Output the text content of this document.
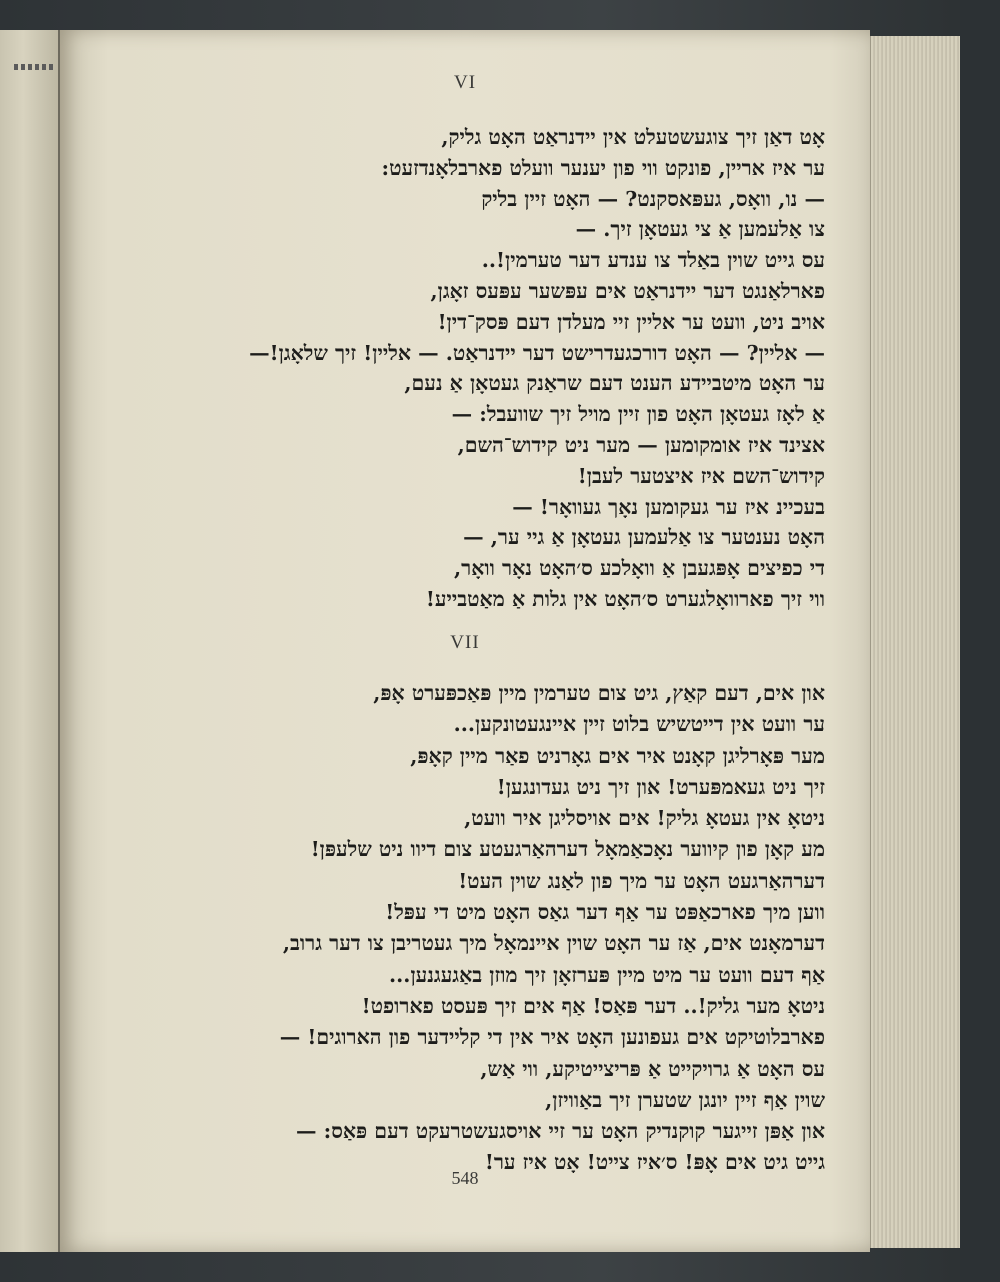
VI
אָט דאַן זיך צוגעשטעלט אין יידנראַט האָט גליק,
ער איז אריין, פונקט ווי פון יענער וועלט פארבלאָנדזעט:
— נו, וואָס, געפּאסקנט? — האָט זיין בליק
צו אַלעמען אַ צי געטאָן זיך. —
עס גייט שוין באַלד צו ענדע דער טערמין!..
פארלאַנגט דער יידנראַט אים עפּשער עפּעס זאָגן,
אויב ניט, וועט ער אליין זיי מעלדן דעם פּסק־דין!
— אליין? — האָט דורכגעדרישט דער יידנראַט. — אליין! זיך שלאָגן!—
ער האָט מיטביידע הענט דעם שראַנק געטאָן אַ נעם,
אַ לאָז געטאָן האָט פון זיין מויל זיך שוועבל: —
אצינד איז אומקומען — מער ניט קידוש־השם,
קידוש־השם איז איצטער לעבן!
בעכיינ איז ער געקומען נאָך געוואָר! —
האָט נענטער צו אַלעמען געטאָן אַ גיי ער, —
די כפיצים אָפּגעבן אַ וואָלכע ס׳האָט נאָר וואָר,
ווי זיך פארוואָלגערט ס׳האָט אין גלות אַ מאַטבייע!
VII
און אים, דעם קאַץ, גיט צום טערמין מיין פּאַכפּערט אָפּ,
ער וועט אין דייטשיש בלוט זיין איינגעטונקען...
מער פּאָרליגן קאָנט איר אים גאָרניט פאַר מיין קאָפּ,
זיך ניט געאמפּערט! און זיך ניט געדונגען!
ניטאָ אין געטאָ גליק! אים אויסליגן איר וועט,
מע קאָן פון קיווער נאָכאַמאָל דערהאַרגעטע צום דיוו ניט שלעפּן!
דערהאַרגעט האָט ער מיך פון לאַנג שוין העט!
ווען מיך פארכאַפּט ער אַף דער גאַס האָט מיט די עפּל!
דערמאָנט אים, אַז ער האָט שוין איינמאָל מיך געטריבן צו דער גרוב,
אַף דעם וועט ער מיט מיין פּערזאָן זיך מוזן באַגעגנען...
ניטאָ מער גליק!.. דער פּאַס! אַף אים זיך פּעסט פארופט!
פארבלוטיקט אים געפונען האָט איר אין די קליידער פון הארוגים! —
עס האָט אַ גרויקייט אַ פּריצייטיקע, ווי אַש,
שוין אַף זיין יונגן שטערן זיך באַוויזן,
און אַפּן זייגער קוקנדיק האָט ער זיי אויסגעשטרעקט דעם פּאַס: —
גייט גיט אים אָפּ! ס׳איז צייט! אָט איז ער!
548
